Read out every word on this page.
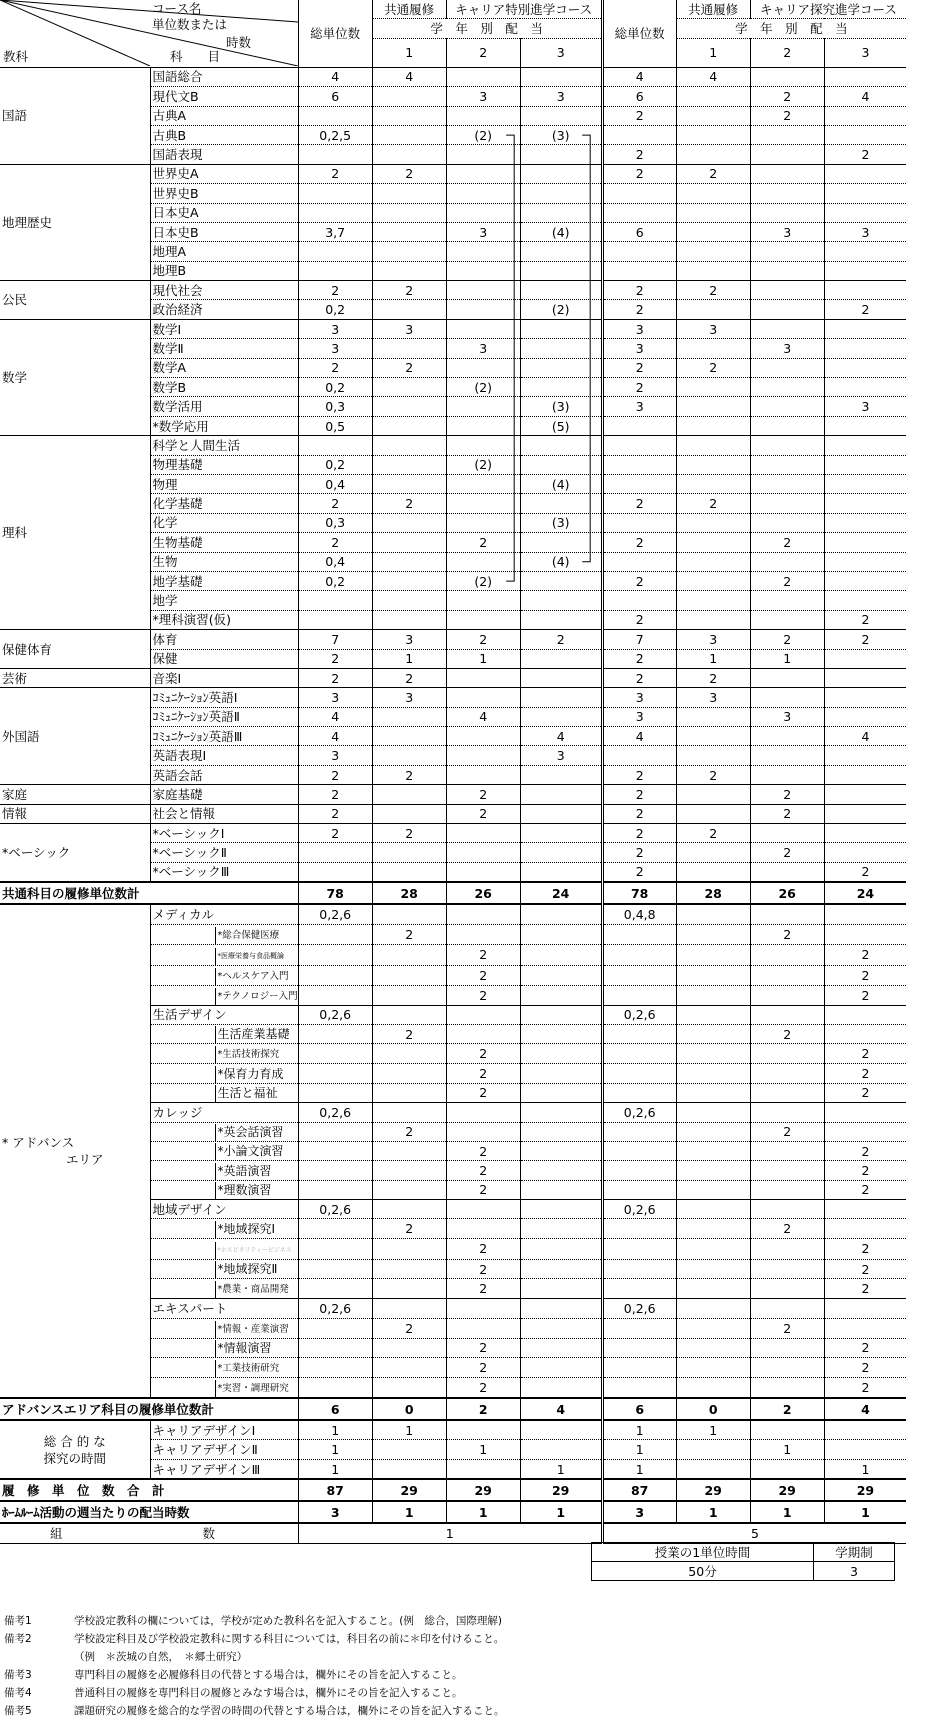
コース名
単位数または
時数
教科 科　　目		総単位数	共通履修	キャリア特別進学コース		総単位数	共通履修	キャリア探究進学コース	
			学　年　別　配　当				学　年　別　配　当		
			1	2	3		1	2	3
国語	国語総合	4	4			4	4		
	現代文B	6		3	3	6		2	4
	古典A					2		2	
	古典B	0,2,5		(2)	(3)				
	国語表現					2			2
地理歴史	世界史A	2	2			2	2		
	世界史B								
	日本史A								
	日本史B	3,7		3	(4)	6		3	3
	地理A								
	地理B								
公民	現代社会	2	2			2	2		
	政治経済	0,2			(2)	2			2
数学	数学Ⅰ	3	3			3	3		
	数学Ⅱ	3		3		3		3	
	数学A	2	2			2	2		
	数学B	0,2		(2)		2			
	数学活用	0,3			(3)	3			3
	*数学応用	0,5			(5)				
理科	科学と人間生活								
	物理基礎	0,2		(2)					
	物理	0,4			(4)				
	化学基礎	2	2			2	2		
	化学	0,3			(3)				
	生物基礎	2		2		2		2	
	生物	0,4			(4)				
	地学基礎	0,2		(2)		2		2	
	地学								
	*理科演習(仮)					2			2
保健体育	体育	7	3	2	2	7	3	2	2
	保健	2	1	1		2	1	1	
芸術	音楽Ⅰ	2	2			2	2		
外国語	ｺﾐｭﾆｹｰｼｮﾝ英語Ⅰ	3	3			3	3		
	ｺﾐｭﾆｹｰｼｮﾝ英語Ⅱ	4		4		3		3	
	ｺﾐｭﾆｹｰｼｮﾝ英語Ⅲ	4			4	4			4
	英語表現Ⅰ	3			3				
	英語会話	2	2			2	2		
家庭	家庭基礎	2		2		2		2	
情報	社会と情報	2		2		2		2	
*ベーシック	*ベーシックⅠ	2	2			2	2		
	*ベーシックⅡ					2		2	
	*ベーシックⅢ					2			2
共通科目の履修単位数計		78	28	26	24	78	28	26	24
* アドバンス
エリア	メディカル	0,2,6				0,4,8			
	*総合保健医療		2					2	
	*医療栄養与食品概論			2					2
	*ヘルスケア入門			2					2
	*テクノロジー入門			2					2
	生活デザイン	0,2,6				0,2,6			
	生活産業基礎		2					2	
	*生活技術探究			2					2
	*保育力育成			2					2
	生活と福祉			2					2
	カレッジ	0,2,6				0,2,6			
	*英会話演習		2					2	
	*小論文演習			2					2
	*英語演習			2					2
	*理数演習			2					2
	地域デザイン	0,2,6				0,2,6			
	*地域探究Ⅰ		2					2	
	*ホスピタリティービジネス			2					2
	*地域探究Ⅱ			2					2
	*農業・商品開発			2					2
	エキスパート	0,2,6				0,2,6			
	*情報・産業演習		2					2	
	*情報演習			2					2
	*工業技術研究			2					2
	*実習・調理研究			2					2
アドバンスエリア科目の履修単位数計		6	0	2	4	6	0	2	4
総 合 的 な
探究の時間	キャリアデザインⅠ	1	1			1	1		
	キャリアデザインⅡ	1		1		1		1	
	キャリアデザインⅢ	1			1	1			1
履　修　単　位　数　合　計		87	29	29	29	87	29	29	29
ﾎｰﾑﾙｰﾑ活動の週当たりの配当時数		3	1	1	1	3	1	1	1
組 数		1				5			
授業の1単位時間	学期制
50分	3
備考1	学校設定教科の欄については，学校が定めた教科名を記入すること。(例　総合，国際理解)
備考2	学校設定科目及び学校設定教科に関する科目については，科目名の前に＊印を付けること。
（例　＊茨城の自然，　＊郷土研究）
備考3	専門科目の履修を必履修科目の代替とする場合は，欄外にその旨を記入すること。
備考4	普通科目の履修を専門科目の履修とみなす場合は，欄外にその旨を記入すること。
備考5	課題研究の履修を総合的な学習の時間の代替とする場合は，欄外にその旨を記入すること。
